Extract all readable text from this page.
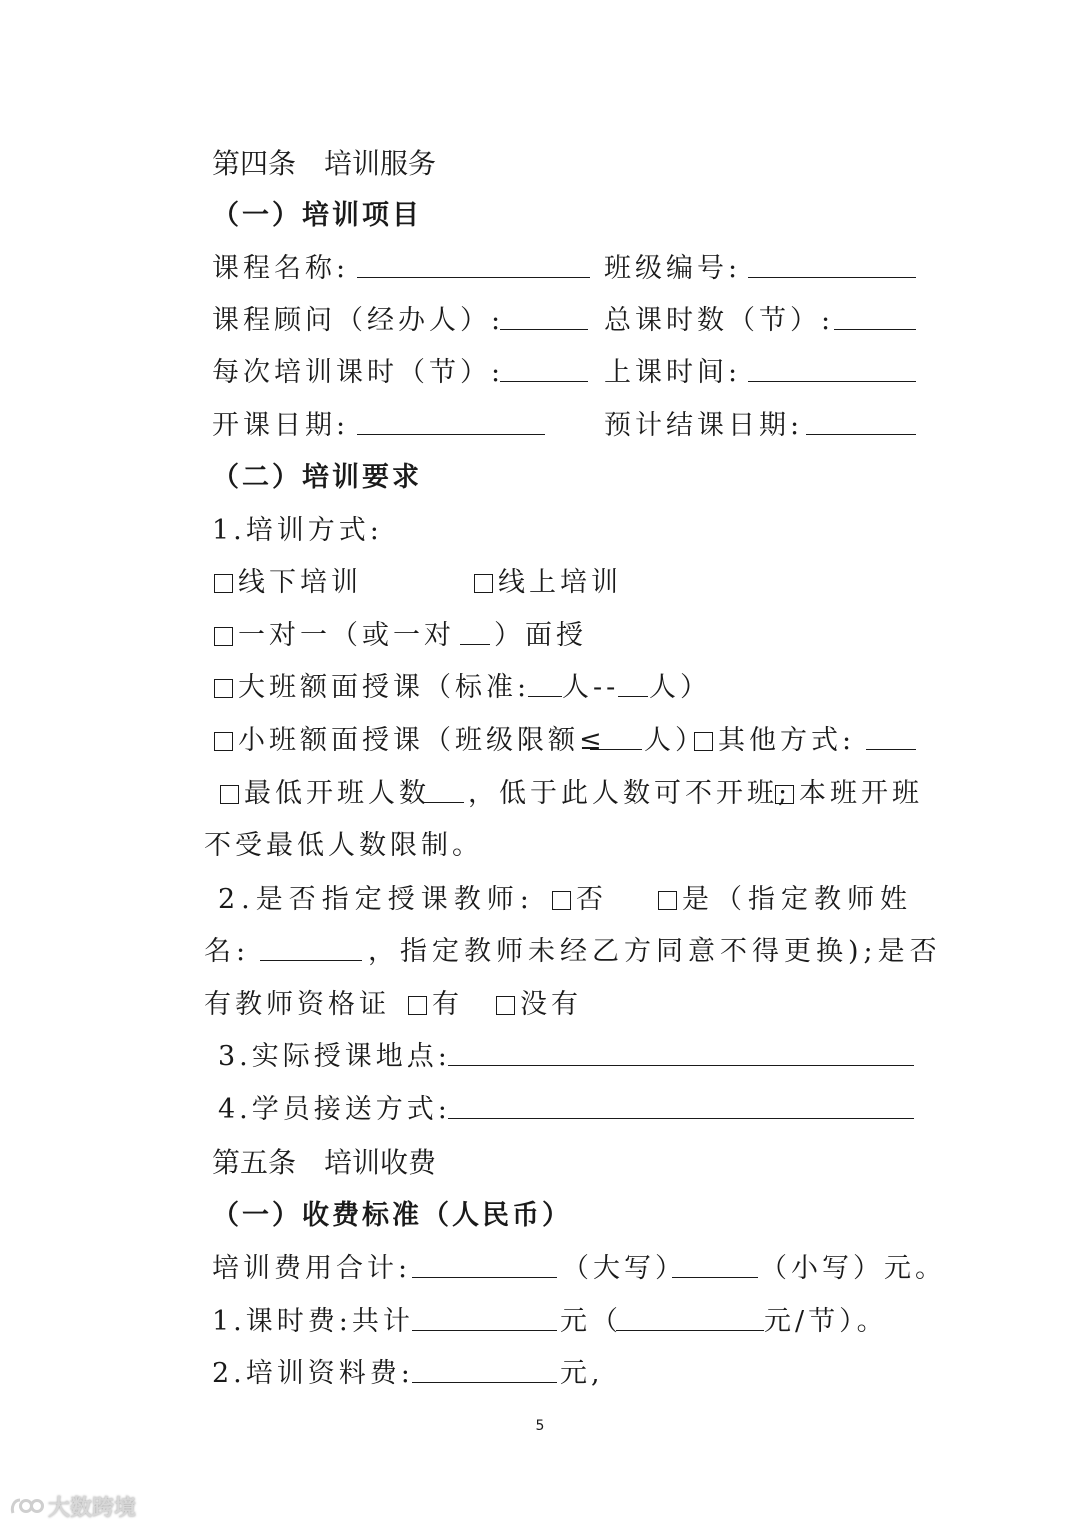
第四条　培训服务
（一）培训项目
课程名称:	班级编号:
课程顾问（经办人）:	总课时数（节）:
每次培训课时（节）:	上课时间:
开课日期:	预计结课日期:
（二）培训要求
1.培训方式:
线下培训	线上培训
一对一（或一对 ）面授
大班额面授课（标准: 人-- 人）
小班额面授课（班级限额≤ 人） 其他方式:
最低开班人数 ，低于此人数可不开班; 本班开班
不受最低人数限制。
2.是否指定授课教师:	否	是（指定教师姓
名:	，指定教师未经乙方同意不得更换);是否
有教师资格证	有	没有
3.实际授课地点:
4.学员接送方式:
第五条　培训收费
（一）收费标准（人民币）
培训费用合计:	（大写）	（小写）元。
1.课时费:共计	元（	元/节）。
2.培训资料费:	元,
5
大数跨境
